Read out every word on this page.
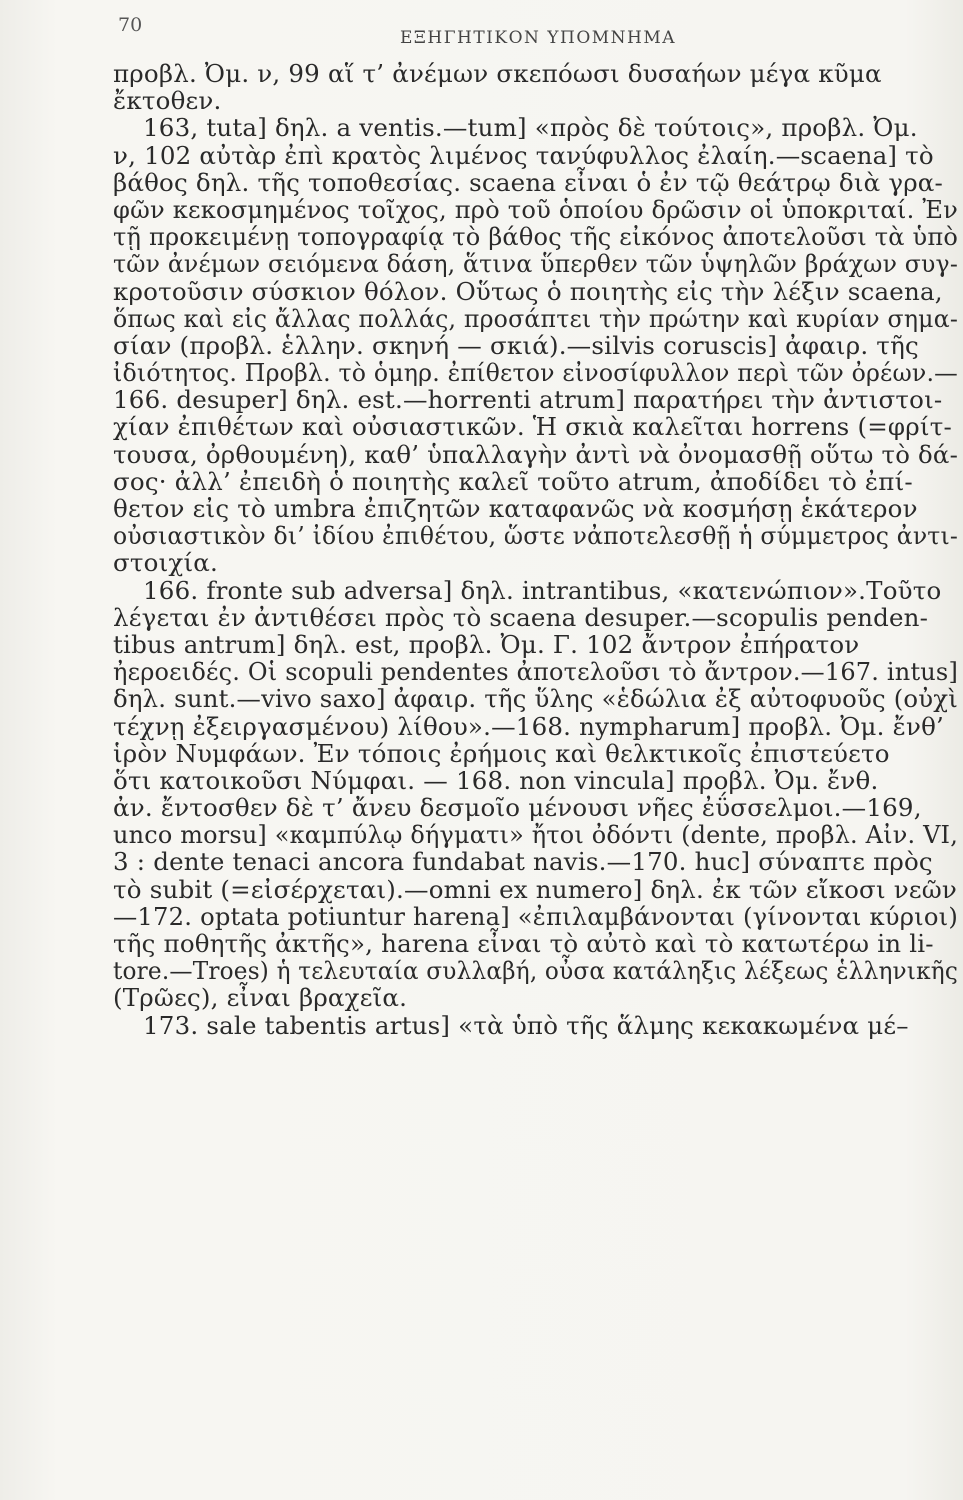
70
ΕΞΗΓΗΤΙΚΟΝ ΥΠΟΜΝΗΜΑ
προβλ. Ὀμ. ν, 99 αἵ τ’ ἀνέμων σκεπόωσι δυσαήων μέγα κῦμα
ἔκτοθεν.
163, tuta] δηλ. a ventis.—tum] «πρὸς δὲ τούτοις», προβλ. Ὀμ.
ν, 102 αὐτὰρ ἐπὶ κρατὸς λιμένος τανύφυλλος ἐλαίη.—scaena] τὸ
βάθος δηλ. τῆς τοποθεσίας. scaena εἶναι ὁ ἐν τῷ θεάτρῳ διὰ γρα-
φῶν κεκοσμημένος τοῖχος, πρὸ τοῦ ὁποίου δρῶσιν οἱ ὑποκριταί. Ἐν
τῇ προκειμένῃ τοπογραφίᾳ τὸ βάθος τῆς εἰκόνος ἀποτελοῦσι τὰ ὑπὸ
τῶν ἀνέμων σειόμενα δάση, ἅτινα ὕπερθεν τῶν ὑψηλῶν βράχων συγ-
κροτοῦσιν σύσκιον θόλον. Οὕτως ὁ ποιητὴς εἰς τὴν λέξιν scaena,
ὅπως καὶ εἰς ἄλλας πολλάς, προσάπτει τὴν πρώτην καὶ κυρίαν σημα-
σίαν (προβλ. ἑλλην. σκηνή — σκιά).—silvis coruscis] ἀφαιρ. τῆς
ἰδιότητος. Προβλ. τὸ ὁμηρ. ἐπίθετον εἰνοσίφυλλον περὶ τῶν ὀρέων.—
166. desuper] δηλ. est.—horrenti atrum] παρατήρει τὴν ἀντιστοι-
χίαν ἐπιθέτων καὶ οὐσιαστικῶν. Ἡ σκιὰ καλεῖται horrens (=φρίτ-
τουσα, ὀρθουμένη), καθ’ ὑπαλλαγὴν ἀντὶ νὰ ὀνομασθῇ οὕτω τὸ δά-
σος· ἀλλ’ ἐπειδὴ ὁ ποιητὴς καλεῖ τοῦτο atrum, ἀποδίδει τὸ ἐπί-
θετον εἰς τὸ umbra ἐπιζητῶν καταφανῶς νὰ κοσμήσῃ ἑκάτερον
οὐσιαστικὸν δι’ ἰδίου ἐπιθέτου, ὥστε νἀποτελεσθῇ ἡ σύμμετρος ἀντι-
στοιχία.
166. fronte sub adversa] δηλ. intrantibus, «κατενώπιον».Τοῦτο
λέγεται ἐν ἀντιθέσει πρὸς τὸ scaena desuper.—scopulis penden-
tibus antrum] δηλ. est, προβλ. Ὀμ. Γ. 102 ἄντρον ἐπήρατον
ἠεροειδές. Οἱ scopuli pendentes ἀποτελοῦσι τὸ ἄντρον.—167. intus]
δηλ. sunt.—vivo saxo] ἀφαιρ. τῆς ὕλης «ἑδώλια ἐξ αὐτοφυοῦς (οὐχὶ
τέχνῃ ἐξειργασμένου) λίθου».—168. nympharum] προβλ. Ὀμ. ἔνθ’
ἱρὸν Νυμφάων. Ἐν τόποις ἐρήμοις καὶ θελκτικοῖς ἐπιστεύετο
ὅτι κατοικοῦσι Νύμφαι. — 168. non vincula] προβλ. Ὀμ. ἔνθ.
ἀν. ἔντοσθεν δὲ τ’ ἄνευ δεσμοῖο μένουσι νῆες ἐΰσσελμοι.—169,
unco morsu] «καμπύλῳ δήγματι» ἤτοι ὀδόντι (dente, προβλ. Αἰν. VI,
3 : dente tenaci ancora fundabat navis.—170. huc] σύναπτε πρὸς
τὸ subit (=εἰσέρχεται).—omni ex numero] δηλ. ἐκ τῶν εἴκοσι νεῶν
—172. optata potiuntur harena] «ἐπιλαμβάνονται (γίνονται κύριοι)
τῆς ποθητῆς ἀκτῆς», harena εἶναι τὸ αὐτὸ καὶ τὸ κατωτέρω in li-
tore.—Troes) ἡ τελευταία συλλαβή, οὖσα κατάληξις λέξεως ἑλληνικῆς
(Τρῶες), εἶναι βραχεῖα.
173. sale tabentis artus] «τὰ ὑπὸ τῆς ἅλμης κεκακωμένα μέ–
